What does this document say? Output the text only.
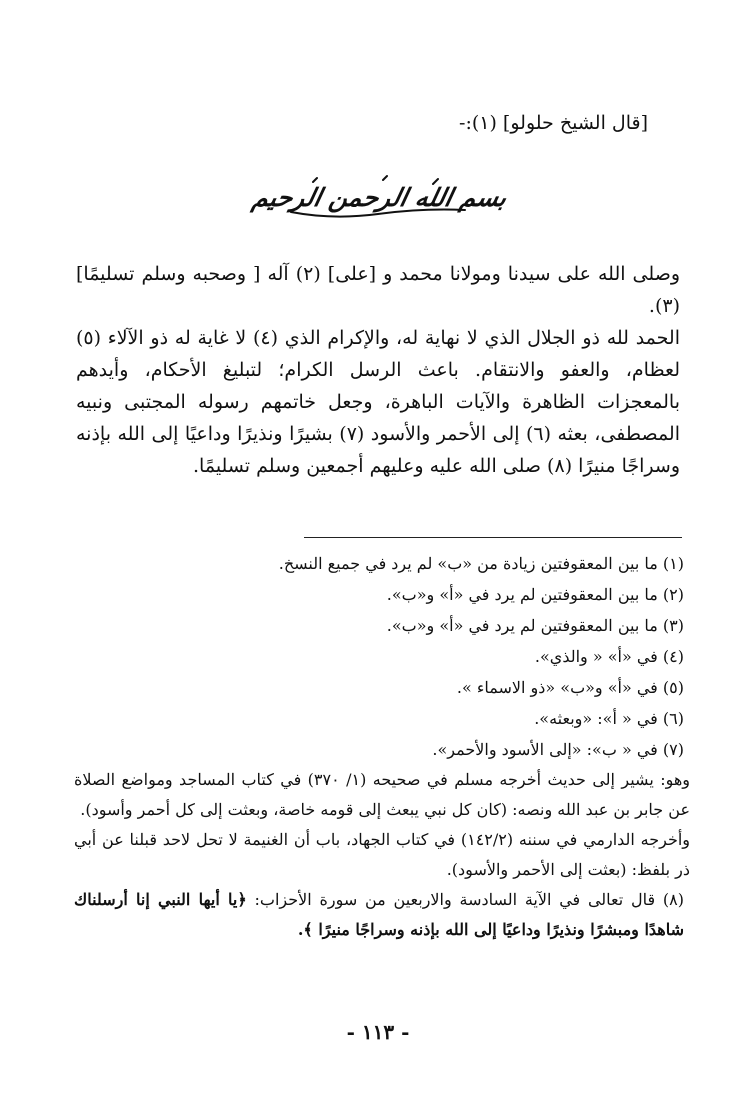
[قال الشيخ حلولو] (١):-
بسم الله الرحمن الرحيم
وصلى الله على سيدنا ومولانا محمد و [على] (٢) آله [ وصحبه وسلم تسليمًا] (٣).
الحمد لله ذو الجلال الذي لا نهاية له، والإكرام الذي (٤) لا غاية له ذو الآلاء (٥) لعظام، والعفو والانتقام. باعث الرسل الكرام؛ لتبليغ الأحكام، وأيدهم بالمعجزات الظاهرة والآيات الباهرة، وجعل خاتمهم رسوله المجتبى ونبيه المصطفى، بعثه (٦) إلى الأحمر والأسود (٧) بشيرًا ونذيرًا وداعيًا إلى الله بإذنه وسراجًا منيرًا (٨) صلى الله عليه وعليهم أجمعين وسلم تسليمًا.
(١) ما بين المعقوفتين زيادة من «ب» لم يرد في جميع النسخ.
(٢) ما بين المعقوفتين لم يرد في «أ» و«ب».
(٣) ما بين المعقوفتين لم يرد في «أ» و«ب».
(٤) في «أ» « والذي».
(٥) في «أ» و«ب» «ذو الاسماء ».
(٦) في « أ»: «وبعثه».
(٧) في « ب»: «إلى الأسود والأحمر».
وهو: يشير إلى حديث أخرجه مسلم في صحيحه (١/ ٣٧٠) في كتاب المساجد ومواضع الصلاة عن جابر بن عبد الله ونصه: (كان كل نبي يبعث إلى قومه خاصة، وبعثت إلى كل أحمر وأسود).
وأخرجه الدارمي في سننه (١٤٢/٢) في كتاب الجهاد، باب أن الغنيمة لا تحل لاحد قبلنا عن أبي ذر بلفظ: (بعثت إلى الأحمر والأسود).
(٨) قال تعالى في الآية السادسة والاربعين من سورة الأحزاب: ﴿يا أيها النبي إنا أرسلناك شاهدًا ومبشرًا ونذيرًا وداعيًا إلى الله بإذنه وسراجًا منيرًا ﴾.
- ١١٣ -
